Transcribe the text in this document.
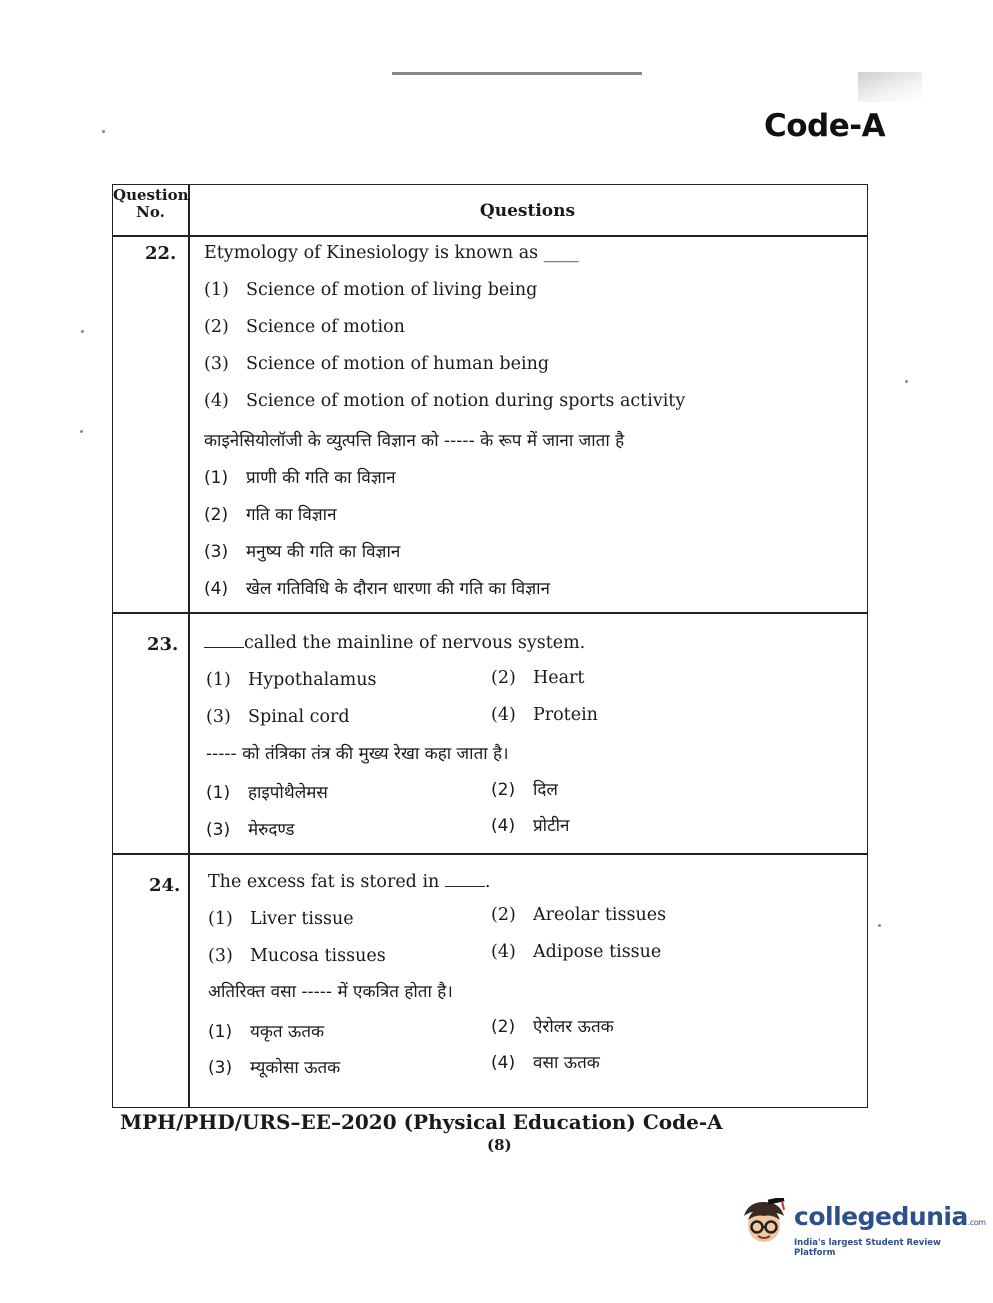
Code-A
Question No.	Questions
22. Etymology of Kinesiology is known as ____
(1) Science of motion of living being
(2) Science of motion
(3) Science of motion of human being
(4) Science of motion of notion during sports activity
काइनेसियोलॉजी के व्युत्पत्ति विज्ञान को ----- के रूप में जाना जाता है
(1) प्राणी की गति का विज्ञान
(2) गति का विज्ञान
(3) मनुष्य की गति का विज्ञान
(4) खेल गतिविधि के दौरान धारणा की गति का विज्ञान
23.	called the mainline of nervous system.
(1) Hypothalamus	(2) Heart
(3) Spinal cord	(4) Protein
----- को तंत्रिका तंत्र की मुख्य रेखा कहा जाता है।
(1) हाइपोथैलेमस	(2) दिल
(3) मेरुदण्ड	(4) प्रोटीन
24. The excess fat is stored in	.
(1) Liver tissue	(2) Areolar tissues
(3) Mucosa tissues	(4) Adipose tissue
अतिरिक्त वसा ----- में एकत्रित होता है।
(1) यकृत ऊतक	(2) ऐरोलर ऊतक
(3) म्यूकोसा ऊतक	(4) वसा ऊतक
MPH/PHD/URS–EE–2020 (Physical Education) Code-A
(8)
collegedunia.com
India's largest Student Review Platform
